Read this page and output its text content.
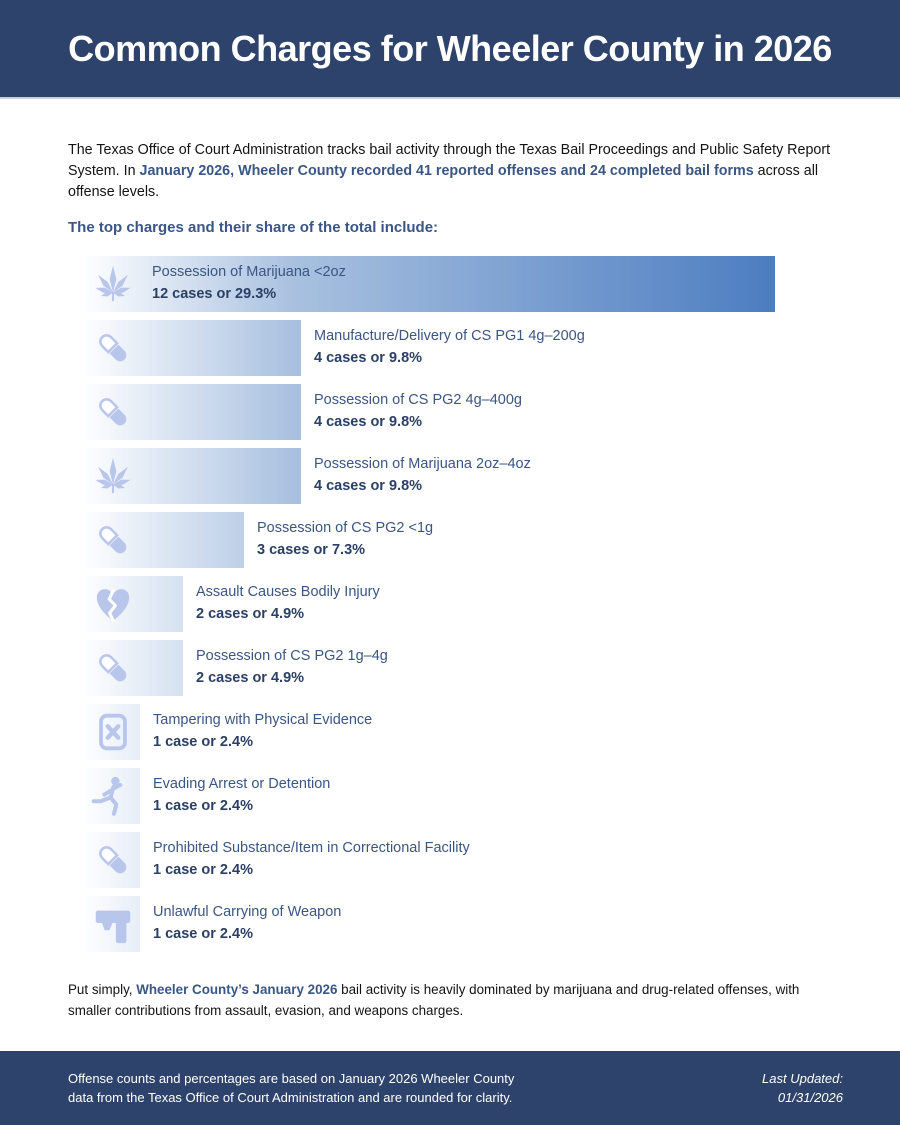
Common Charges for Wheeler County in 2026

The Texas Office of Court Administration tracks bail activity through the Texas Bail Proceedings and Public Safety Report System. In January 2026, Wheeler County recorded 41 reported offenses and 24 completed bail forms across all offense levels.

The top charges and their share of the total include:

Possession of Marijuana <2oz
12 cases or 29.3%
Manufacture/Delivery of CS PG1 4g–200g
4 cases or 9.8%
Possession of CS PG2 4g–400g
4 cases or 9.8%
Possession of Marijuana 2oz–4oz
4 cases or 9.8%
Possession of CS PG2 <1g
3 cases or 7.3%
Assault Causes Bodily Injury
2 cases or 4.9%
Possession of CS PG2 1g–4g
2 cases or 4.9%
Tampering with Physical Evidence
1 case or 2.4%
Evading Arrest or Detention
1 case or 2.4%
Prohibited Substance/Item in Correctional Facility
1 case or 2.4%
Unlawful Carrying of Weapon
1 case or 2.4%

Put simply, Wheeler County’s January 2026 bail activity is heavily dominated by marijuana and drug-related offenses, with smaller contributions from assault, evasion, and weapons charges.

Offense counts and percentages are based on January 2026 Wheeler County
data from the Texas Office of Court Administration and are rounded for clarity.
Last Updated:
01/31/2026
